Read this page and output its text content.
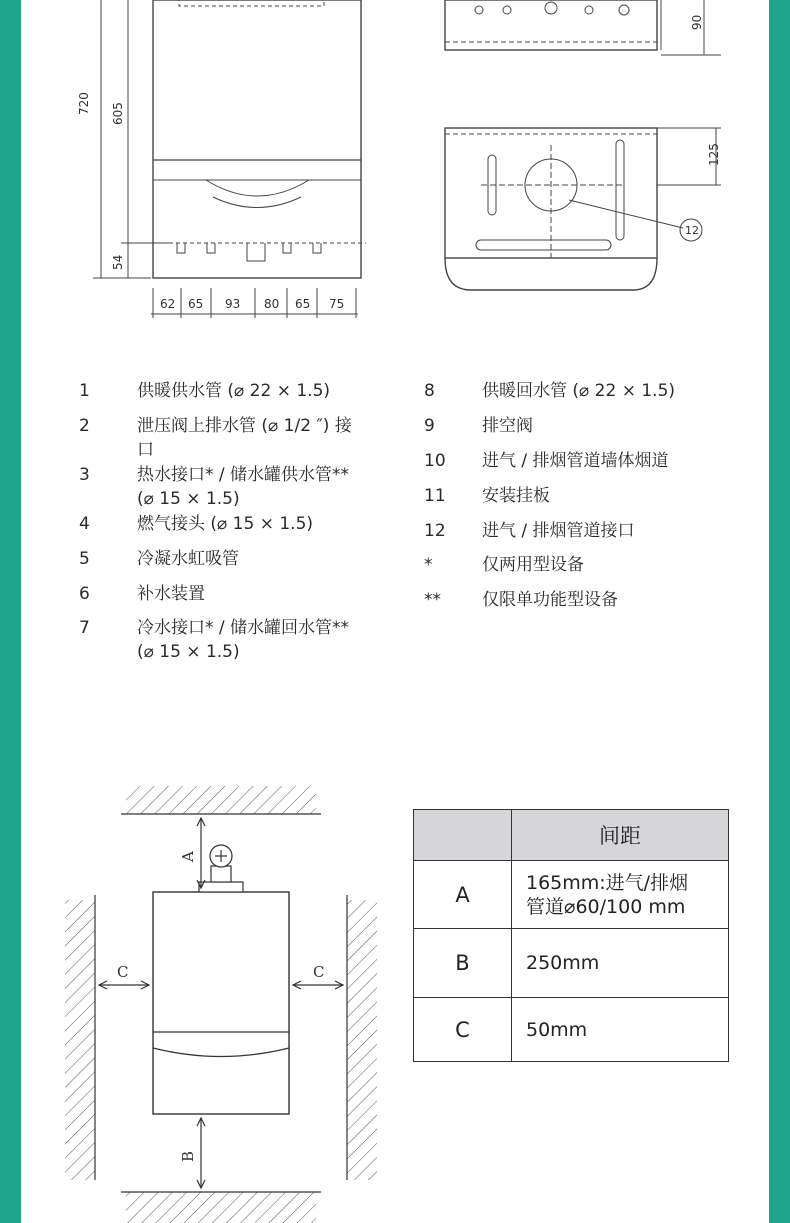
720 605
54
62 65 93 80 65 75
90
125
12
1	供暖供水管 (⌀ 22 × 1.5)
2	泄压阀上排水管 (⌀ 1/2 ″) 接口
3	热水接口* / 储水罐供水管** (⌀ 15 × 1.5)
4	燃气接头 (⌀ 15 × 1.5)
5	冷凝水虹吸管
6	补水装置
7	冷水接口* / 储水罐回水管** (⌀ 15 × 1.5)
8	供暖回水管 (⌀ 22 × 1.5)
9	排空阀
10	进气 / 排烟管道墙体烟道
11	安装挂板
12	进气 / 排烟管道接口
*	仅两用型设备
**	仅限单功能型设备
A
B
C	C
	间距
A	165mm:进气/排烟
管道⌀60/100 mm

B	250mm
C	50mm
